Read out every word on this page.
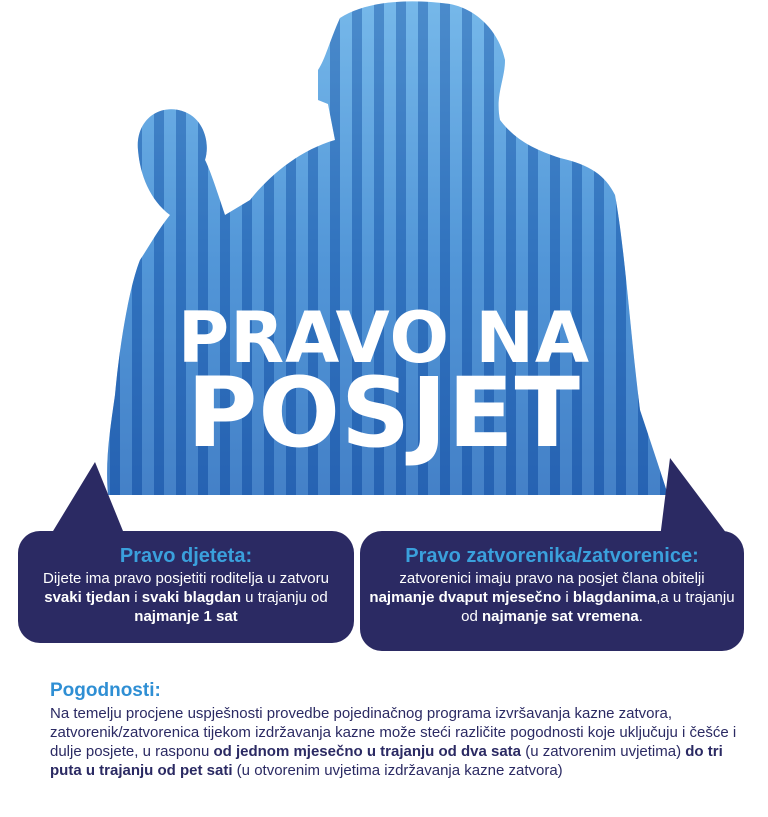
PRAVO NA
POSJET
Pravo djeteta:

Dijete ima pravo posjetiti roditelja u zatvoru svaki tjedan i svaki blagdan u trajanju od najmanje 1 sat

Pravo zatvorenika/zatvorenice:

zatvorenici imaju pravo na posjet člana obitelji najmanje dvaput mjesečno i blagdanima,a u trajanju od najmanje sat vremena.

Pogodnosti:

Na temelju procjene uspješnosti provedbe pojedinačnog programa izvršavanja kazne zatvora, zatvorenik/zatvorenica tijekom izdržavanja kazne može steći različite pogodnosti koje uključuju i češće i dulje posjete, u rasponu od jednom mjesečno u trajanju od dva sata (u zatvorenim uvjetima) do tri puta u trajanju od pet sati (u otvorenim uvjetima izdržavanja kazne zatvora)
